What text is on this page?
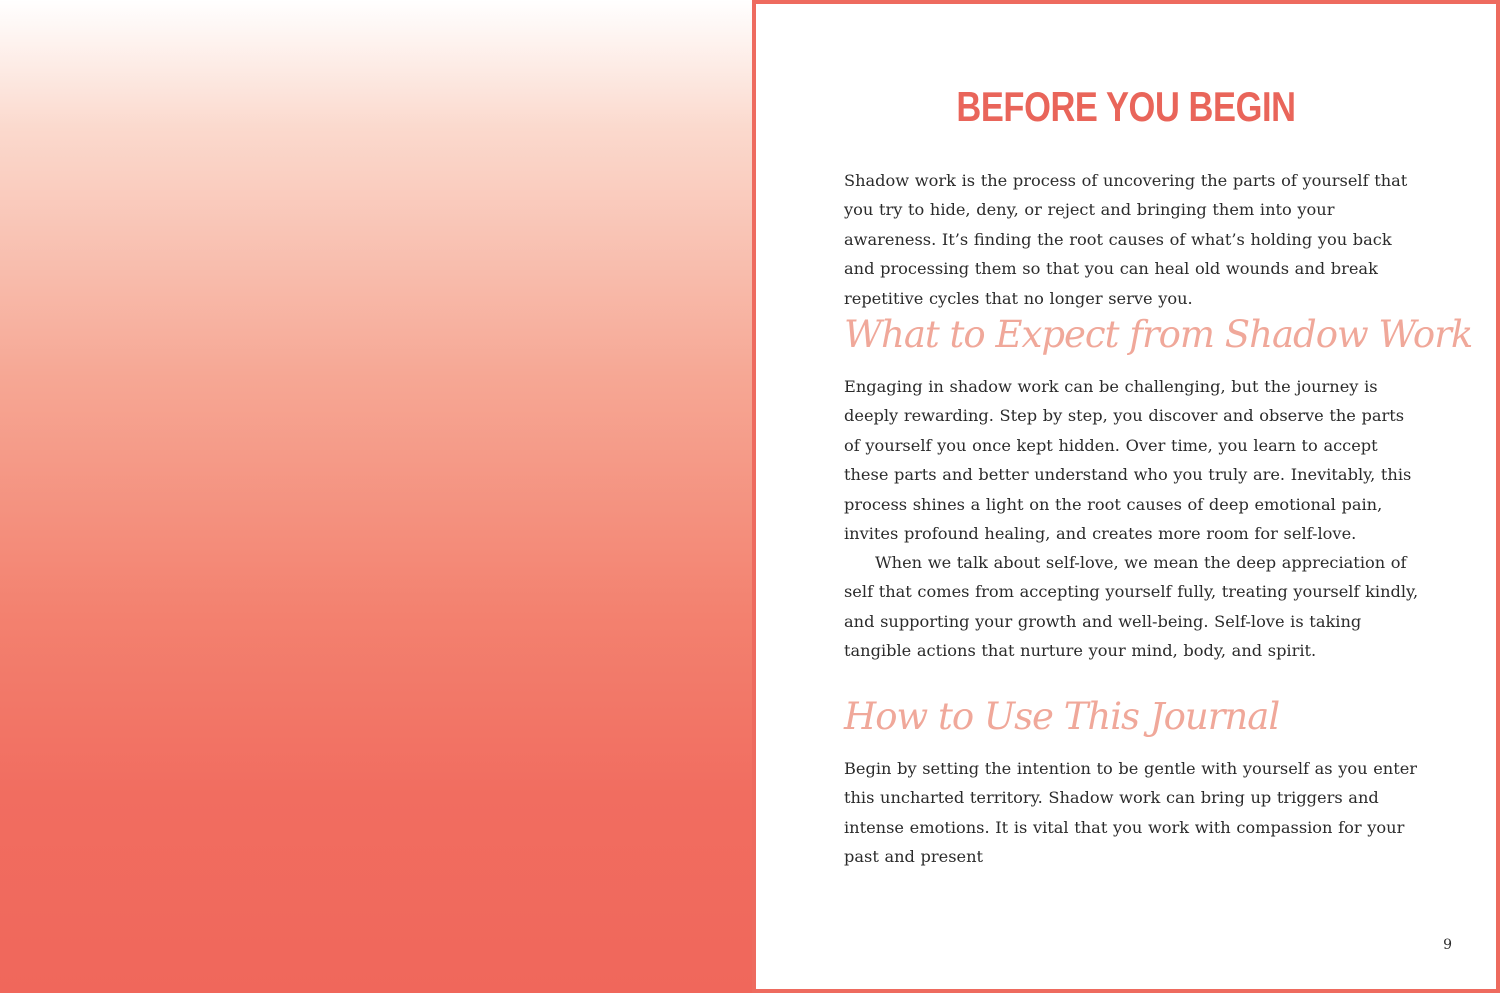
BEFORE YOU BEGIN

Shadow work is the process of uncovering the parts of yourself that you try to hide, deny, or reject and bringing them into your awareness. It’s finding the root causes of what’s holding you back and processing them so that you can heal old wounds and break repetitive cycles that no longer serve you.

What to Expect from Shadow Work

Engaging in shadow work can be challenging, but the journey is deeply rewarding. Step by step, you discover and observe the parts of yourself you once kept hidden. Over time, you learn to accept these parts and better understand who you truly are. Inevitably, this process shines a light on the root causes of deep emotional pain, invites profound healing, and creates more room for self-love.

When we talk about self-love, we mean the deep appreciation of self that comes from accepting yourself fully, treating yourself kindly, and supporting your growth and well-being. Self-love is taking tangible actions that nurture your mind, body, and spirit.

How to Use This Journal

Begin by setting the intention to be gentle with yourself as you enter this uncharted territory. Shadow work can bring up triggers and intense emotions. It is vital that you work with compassion for your past and present

9
